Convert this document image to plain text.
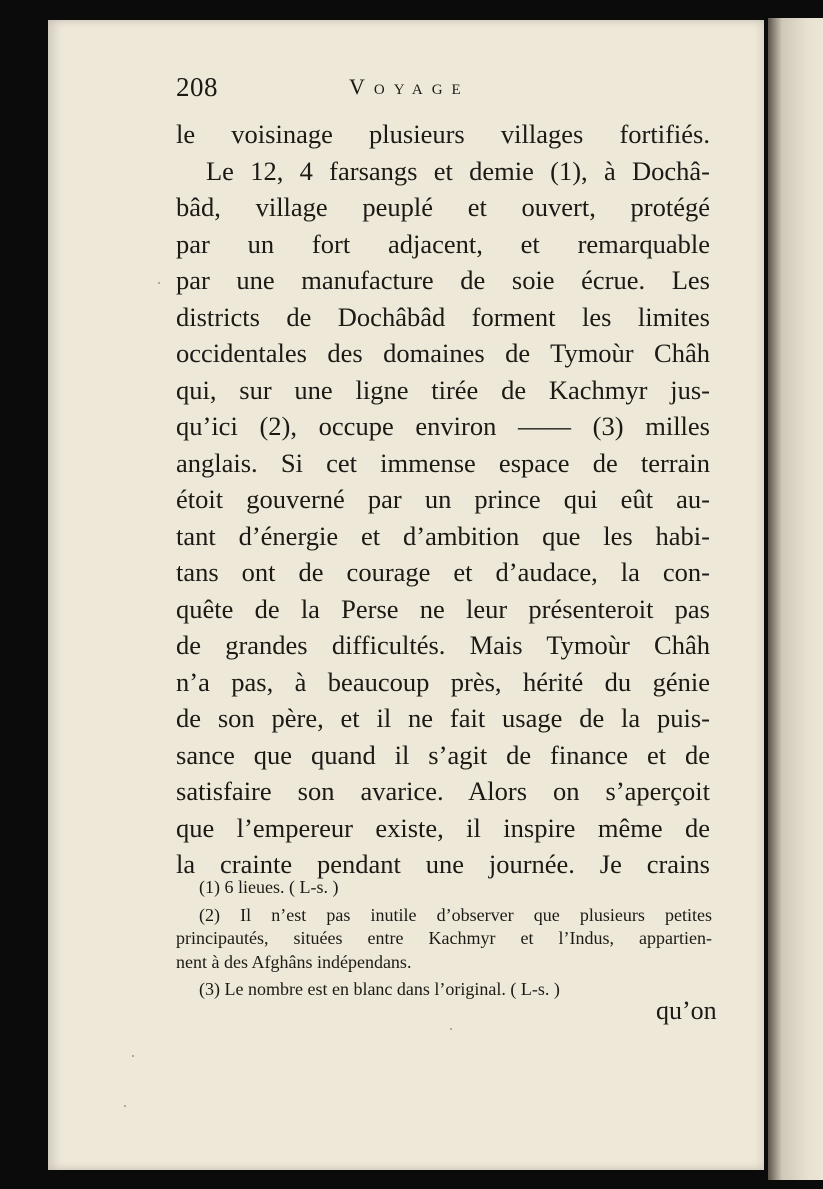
208	Voyage
le voisinage plusieurs villages fortifiés.
Le 12, 4 farsangs et demie (1), à Dochâ-
bâd, village peuplé et ouvert, protégé
par un fort adjacent, et remarquable
par une manufacture de soie écrue. Les
districts de Dochâbâd forment les limites
occidentales des domaines de Tymoùr Châh
qui, sur une ligne tirée de Kachmyr jus-
qu’ici (2), occupe environ —— (3) milles
anglais. Si cet immense espace de terrain
étoit gouverné par un prince qui eût au-
tant d’énergie et d’ambition que les habi-
tans ont de courage et d’audace, la con-
quête de la Perse ne leur présenteroit pas
de grandes difficultés. Mais Tymoùr Châh
n’a pas, à beaucoup près, hérité du génie
de son père, et il ne fait usage de la puis-
sance que quand il s’agit de finance et de
satisfaire son avarice. Alors on s’aperçoit
que l’empereur existe, il inspire même de
la crainte pendant une journée. Je crains
(1) 6 lieues. ( L-s. )
(2) Il n’est pas inutile d’observer que plusieurs petites
principautés, situées entre Kachmyr et l’Indus, appartien-
nent à des Afghâns indépendans.
(3) Le nombre est en blanc dans l’original. ( L-s. )
qu’on
